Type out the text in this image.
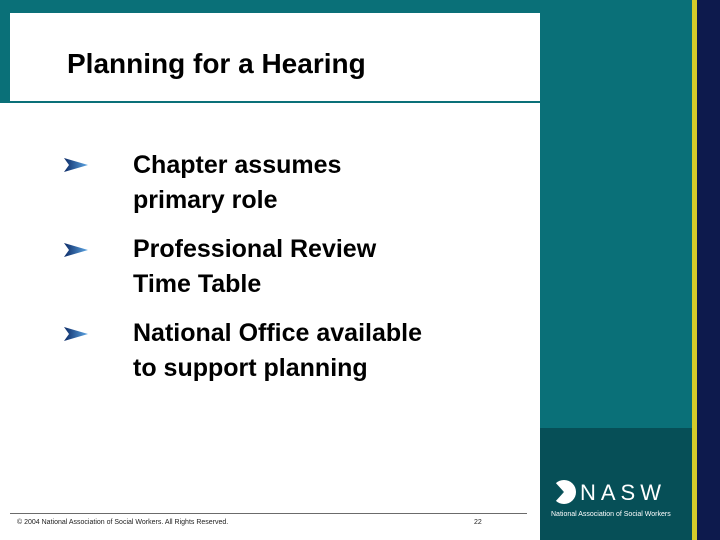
Planning for a Hearing

Chapter assumes
primary role

Professional Review
Time Table

National Office available
to support planning

© 2004 National Association of Social Workers. All Rights Reserved.	22
NASW
National Association of Social Workers
